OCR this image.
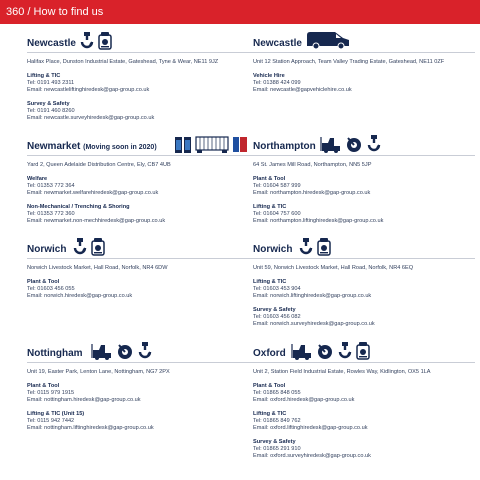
360 / How to find us
Newcastle
Halifax Place, Dunston Industrial Estate, Gateshead, Tyne & Wear, NE11 9JZ
Lifting & TIC
Tel: 0191 493 2311
Email: newcastleliftinghiredesk@gap-group.co.uk
Survey & Safety
Tel: 0191 460 8260
Email: newcastle.surveyhiredesk@gap-group.co.uk
Newmarket (Moving soon in 2020)
Yard 2, Queen Adelaide Distribution Centre, Ely, CB7 4UB
Welfare
Tel: 01353 772 364
Email: newmarket.welfarehiredesk@gap-group.co.uk
Non-Mechanical / Trenching & Shoring
Tel: 01353 772 360
Email: newmarket.non-mechhiredesk@gap-group.co.uk
Norwich
Norwich Livestock Market, Hall Road, Norfolk, NR4 6DW
Plant & Tool
Tel: 01603 456 055
Email: norwich.hiredesk@gap-group.co.uk
Nottingham
Unit 19, Easter Park, Lenton Lane, Nottingham, NG7 2PX
Plant & Tool
Tel: 0115 979 1915
Email: nottingham.hiredesk@gap-group.co.uk
Lifting & TIC (Unit 15)
Tel: 0115 942 7442
Email: nottingham.liftinghiredesk@gap-group.co.uk
Newcastle
Unit 12 Station Approach, Team Valley Trading Estate, Gateshead, NE11 0ZF
Vehicle Hire
Tel: 01388 424 099
Email: newcastle@gapvehiclehire.co.uk
Northampton
64 St. James Mill Road, Northampton, NN5 5JP
Plant & Tool
Tel: 01604 587 999
Email: northampton.hiredesk@gap-group.co.uk
Lifting & TIC
Tel: 01604 757 600
Email: northampton.liftinghiredesk@gap-group.co.uk
Norwich
Unit 59, Norwich Livestock Market, Hall Road, Norfolk, NR4 6EQ
Lifting & TIC
Tel: 01603 453 904
Email: norwich.liftinghiredesk@gap-group.co.uk
Survey & Safety
Tel: 01603 456 082
Email: norwich.surveyhiredesk@gap-group.co.uk
Oxford
Unit 2, Station Field Industrial Estate, Rowles Way, Kidlington, OX5 1LA
Plant & Tool
Tel: 01865 848 055
Email: oxford.hiredesk@gap-group.co.uk
Lifting & TIC
Tel: 01865 849 762
Email: oxford.liftinghiredesk@gap-group.co.uk
Survey & Safety
Tel: 01865 291 910
Email: oxford.surveyhiredesk@gap-group.co.uk
